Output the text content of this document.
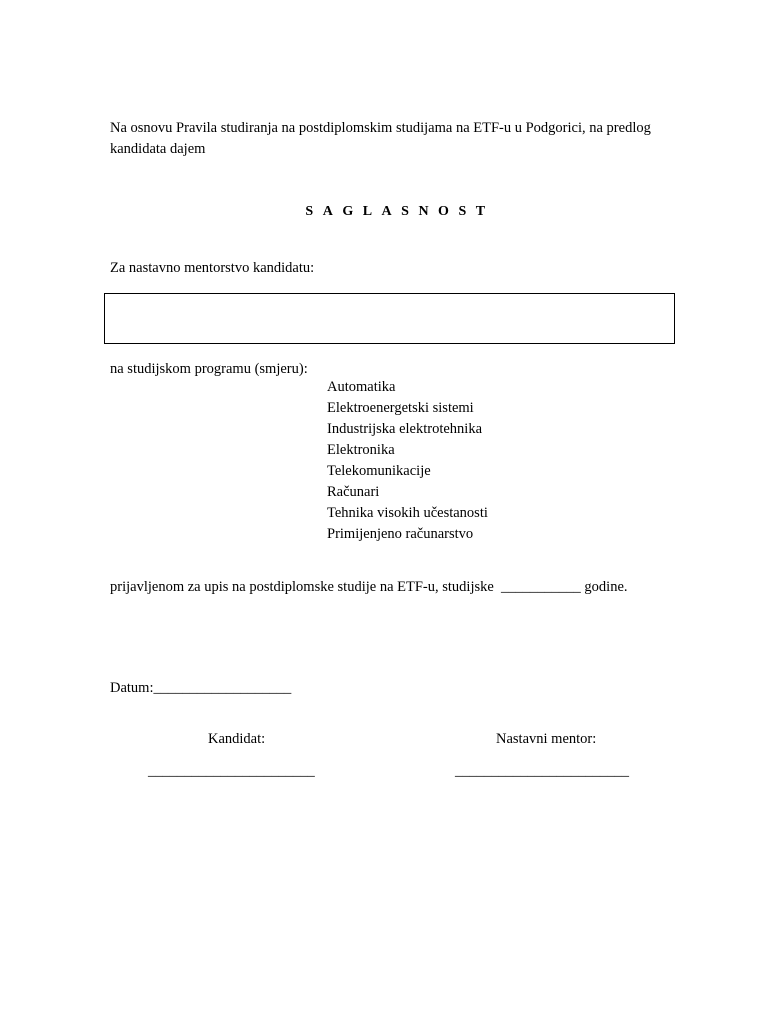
Na osnovu Pravila studiranja na postdiplomskim studijama na ETF-u u Podgorici, na predlog kandidata dajem
SAGLASNOST
Za nastavno mentorstvo kandidatu:
na studijskom programu (smjeru):
Automatika
Elektroenergetski sistemi
Industrijska elektrotehnika
Elektronika
Telekomunikacije
Računari
Tehnika visokih učestanosti
Primijenjeno računarstvo
prijavljenom za upis na postdiplomske studije na ETF-u, studijske  ___________ godine.
Datum:___________________
Kandidat:	Nastavni mentor:
_______________________	________________________
